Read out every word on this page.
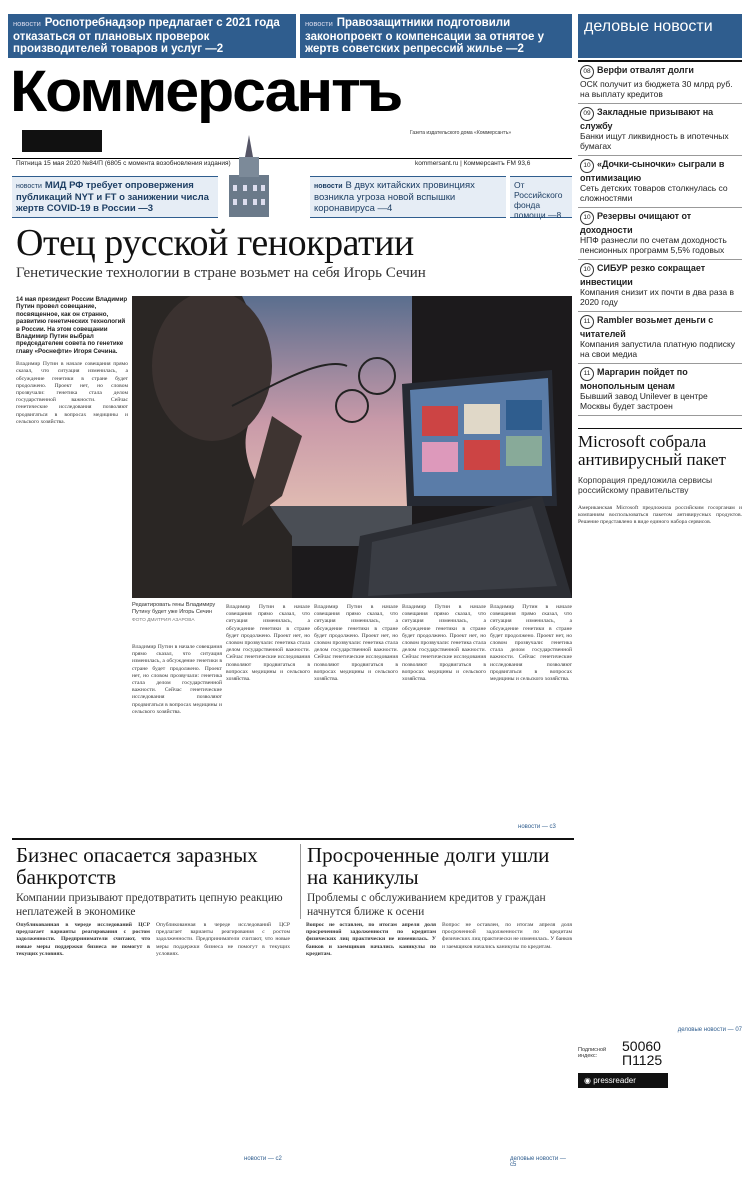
новости Роспотребнадзор предлагает с 2021 года отказаться от плановых проверок производителей товаров и услуг —2
новости Правозащитники подготовили законопроект о компенсации за отнятое у жертв советских репрессий жилье —2
Коммерсантъ
Газета издательского дома «Коммерсантъ»
Пятница 15 мая 2020 №84/П (6805 с момента возобновления издания)	kommersant.ru | Коммерсантъ FM 93,6
новости МИД РФ требует опровержения публикаций NYT и FT о занижении числа жертв COVID-19 в России —3
новости В двух китайских провинциях возникла угроза новой вспышки коронавируса —4
От Российского фонда помощи —8
Отец русской генократии
Генетические технологии в стране возьмет на себя Игорь Сечин
14 мая президент России Владимир Путин провел совещание, посвященное, как он странно, развитию генетических технологий в России. На этом совещании Владимир Путин выбрал председателем совета по генетике главу «Роснефти» Игоря Сечина.
Владимир Путин в начале совещания прямо сказал, что ситуация изменилась, а обсуждение генетики в стране будет продолжено. Проект нет, но словом прозвучали: генетика стала делом государственной важности. Сейчас генетические исследования позволяют продвигаться в вопросах медицины и сельского хозяйства.
Редактировать гены Владимиру Путину будет уже Игорь Сечин
ФОТО ДМИТРИЯ АЗАРОВА
Владимир Путин в начале совещания прямо сказал, что ситуация изменилась, а обсуждение генетики в стране будет продолжено. Проект нет, но словом прозвучали: генетика стала делом государственной важности. Сейчас генетические исследования позволяют продвигаться в вопросах медицины и сельского хозяйства.
Владимир Путин в начале совещания прямо сказал, что ситуация изменилась, а обсуждение генетики в стране будет продолжено. Проект нет, но словом прозвучали: генетика стала делом государственной важности. Сейчас генетические исследования позволяют продвигаться в вопросах медицины и сельского хозяйства.
Владимир Путин в начале совещания прямо сказал, что ситуация изменилась, а обсуждение генетики в стране будет продолжено. Проект нет, но словом прозвучали: генетика стала делом государственной важности. Сейчас генетические исследования позволяют продвигаться в вопросах медицины и сельского хозяйства.
Владимир Путин в начале совещания прямо сказал, что ситуация изменилась, а обсуждение генетики в стране будет продолжено. Проект нет, но словом прозвучали: генетика стала делом государственной важности. Сейчас генетические исследования позволяют продвигаться в вопросах медицины и сельского хозяйства.
Владимир Путин в начале совещания прямо сказал, что ситуация изменилась, а обсуждение генетики в стране будет продолжено. Проект нет, но словом прозвучали: генетика стала делом государственной важности. Сейчас генетические исследования позволяют продвигаться в вопросах медицины и сельского хозяйства.
новости — c3
Бизнес опасается заразных банкротств
Компании призывают предотвратить цепную реакцию неплатежей в экономике
Опубликованная в череде исследований ЦСР предлагает варианты реагирования с ростом задолженности. Предприниматели считают, что новые меры поддержки бизнеса не помогут в текущих условиях.
Опубликованная в череде исследований ЦСР предлагает варианты реагирования с ростом задолженности. Предприниматели считают, что новые меры поддержки бизнеса не помогут в текущих условиях.
новости — c2
Просроченные долги ушли на каникулы
Проблемы с обслуживанием кредитов у граждан начнутся ближе к осени
Вопрос не оставлен, по итогам апреля доля просроченной задолженности по кредитам физических лиц практически не изменилась. У банков и заемщиков начались каникулы по кредитам.
Вопрос не оставлен, по итогам апреля доля просроченной задолженности по кредитам физических лиц практически не изменилась. У банков и заемщиков начались каникулы по кредитам.
деловые новости — c5
деловые новости
08 Верфи отвалят долги
ОСК получит из бюджета 30 млрд руб. на выплату кредитов
09 Закладные призывают на службу
Банки ищут ликвидность в ипотечных бумагах
10 «Дочки-сыночки» сыграли в оптимизацию
Сеть детских товаров столкнулась со сложностями
10 Резервы очищают от доходности
НПФ разнесли по счетам доходность пенсионных программ 5,5% годовых
10 СИБУР резко сокращает инвестиции
Компания снизит их почти в два раза в 2020 году
11 Rambler возьмет деньги с читателей
Компания запустила платную подписку на свои медиа
11 Маргарин пойдет по монопольным ценам
Бывший завод Unilever в центре Москвы будет застроен
Microsoft собрала антивирусный пакет
Корпорация предложила сервисы российскому правительству
Американская Microsoft предложила российским госорганам и компаниям воспользоваться пакетом антивирусных продуктов. Решение представлено в виде единого набора сервисов.
деловые новости — 07
Подписной индекс:
50060
П1125
◉ pressreader
